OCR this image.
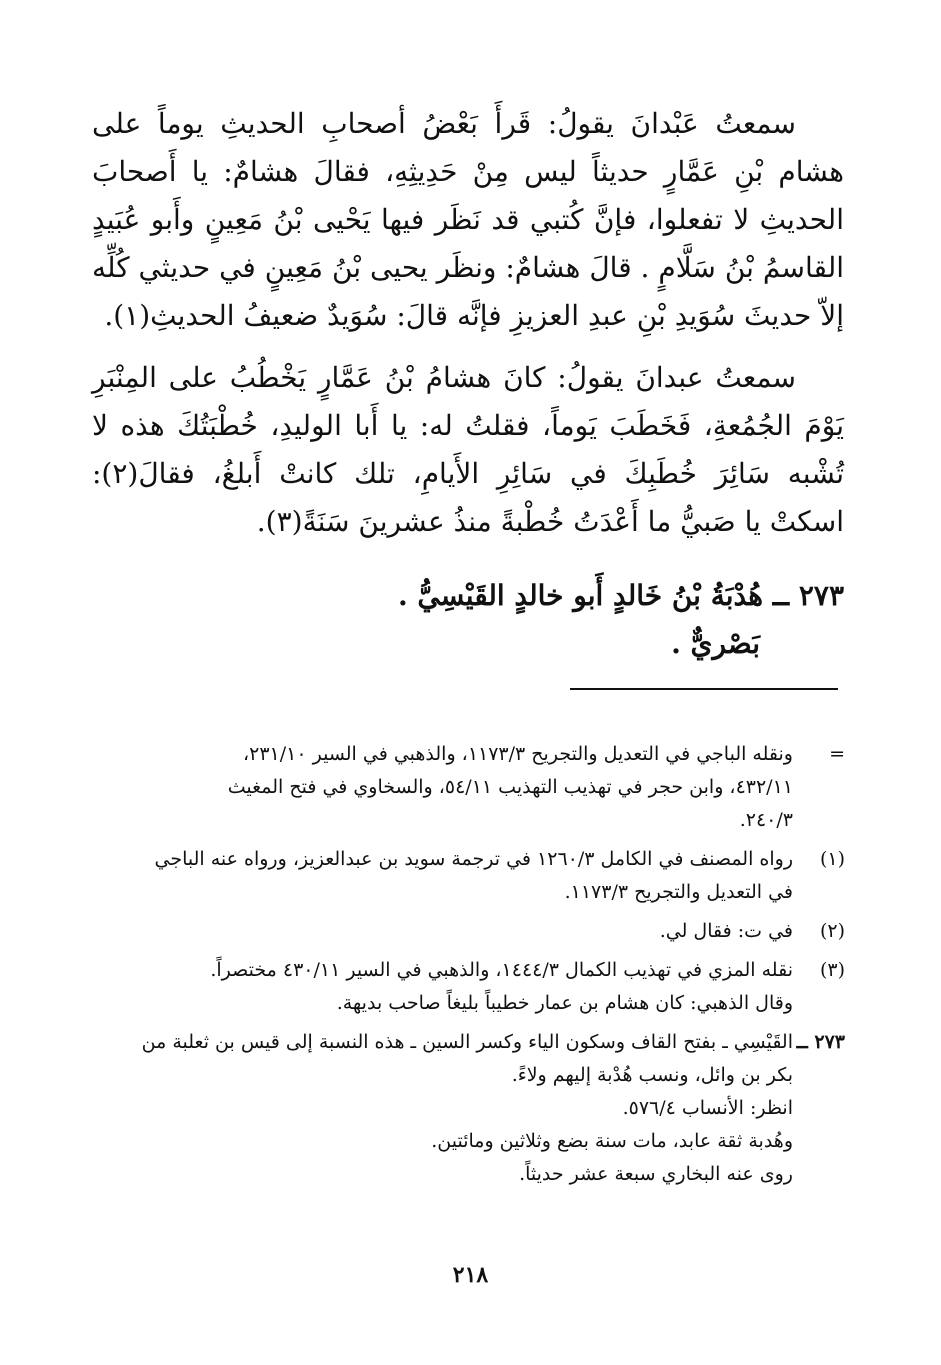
سمعتُ عَبْدانَ يقولُ: قَرأَ بَعْضُ أصحابِ الحديثِ يوماً على هشام بْنِ عَمَّارٍ حديثاً ليس مِنْ حَدِيثِهِ، فقالَ هشامٌ: يا أَصحابَ الحديثِ لا تفعلوا، فإنَّ كُتبي قد نَظَر فيها يَحْيى بْنُ مَعِينٍ وأَبو عُبَيدٍ القاسمُ بْنُ سَلَّامٍ . قالَ هشامٌ: ونظَر يحيى بْنُ مَعِينٍ في حديثي كُلِّه إلاّ حديثَ سُوَيدِ بْنِ عبدِ العزيزِ فإنَّه قالَ: سُوَيدٌ ضعيفُ الحديثِ(١).

سمعتُ عبدانَ يقولُ: كانَ هشامُ بْنُ عَمَّارٍ يَخْطُبُ على المِنْبَرِ يَوْمَ الجُمُعةِ، فَخَطَبَ يَوماً، فقلتُ له: يا أَبا الوليدِ، خُطْبَتُكَ هذه لا تُشْبه سَائِرَ خُطَبِكَ في سَائِرِ الأَيامِ، تلك كانتْ أَبلغُ، فقالَ(٢): اسكتْ يا صَبيُّ ما أَعْدَتُ خُطْبةً منذُ عشرينَ سَنَةً(٣).

٢٧٣ ــ هُدْبَةُ بْنُ خَالدٍ أَبو خالدٍ القَيْسِيُّ .
بَصْريٌّ .
=
ونقله الباجي في التعديل والتجريح ١١٧٣/٣، والذهبي في السير ٢٣١/١٠،
٤٣٢/١١، وابن حجر في تهذيب التهذيب ٥٤/١١، والسخاوي في فتح المغيث
٢٤٠/٣.
(١)
رواه المصنف في الكامل ١٢٦٠/٣ في ترجمة سويد بن عبدالعزيز، ورواه عنه الباجي
في التعديل والتجريح ١١٧٣/٣.
(٢)
في ت: فقال لي.
(٣)
نقله المزي في تهذيب الكمال ١٤٤٤/٣، والذهبي في السير ٤٣٠/١١ مختصراً.
وقال الذهبي: كان هشام بن عمار خطيباً بليغاً صاحب بديهة.
٢٧٣ ــ
القَيْسِي ـ بفتح القاف وسكون الياء وكسر السين ـ هذه النسبة إلى قيس بن ثعلبة من
بكر بن وائل، ونسب هُدْبة إليهم ولاءً.
انظر: الأنساب ٥٧٦/٤.
وهُدبة ثقة عابد، مات سنة بضع وثلاثين ومائتين.
روى عنه البخاري سبعة عشر حديثاً.
٢١٨
